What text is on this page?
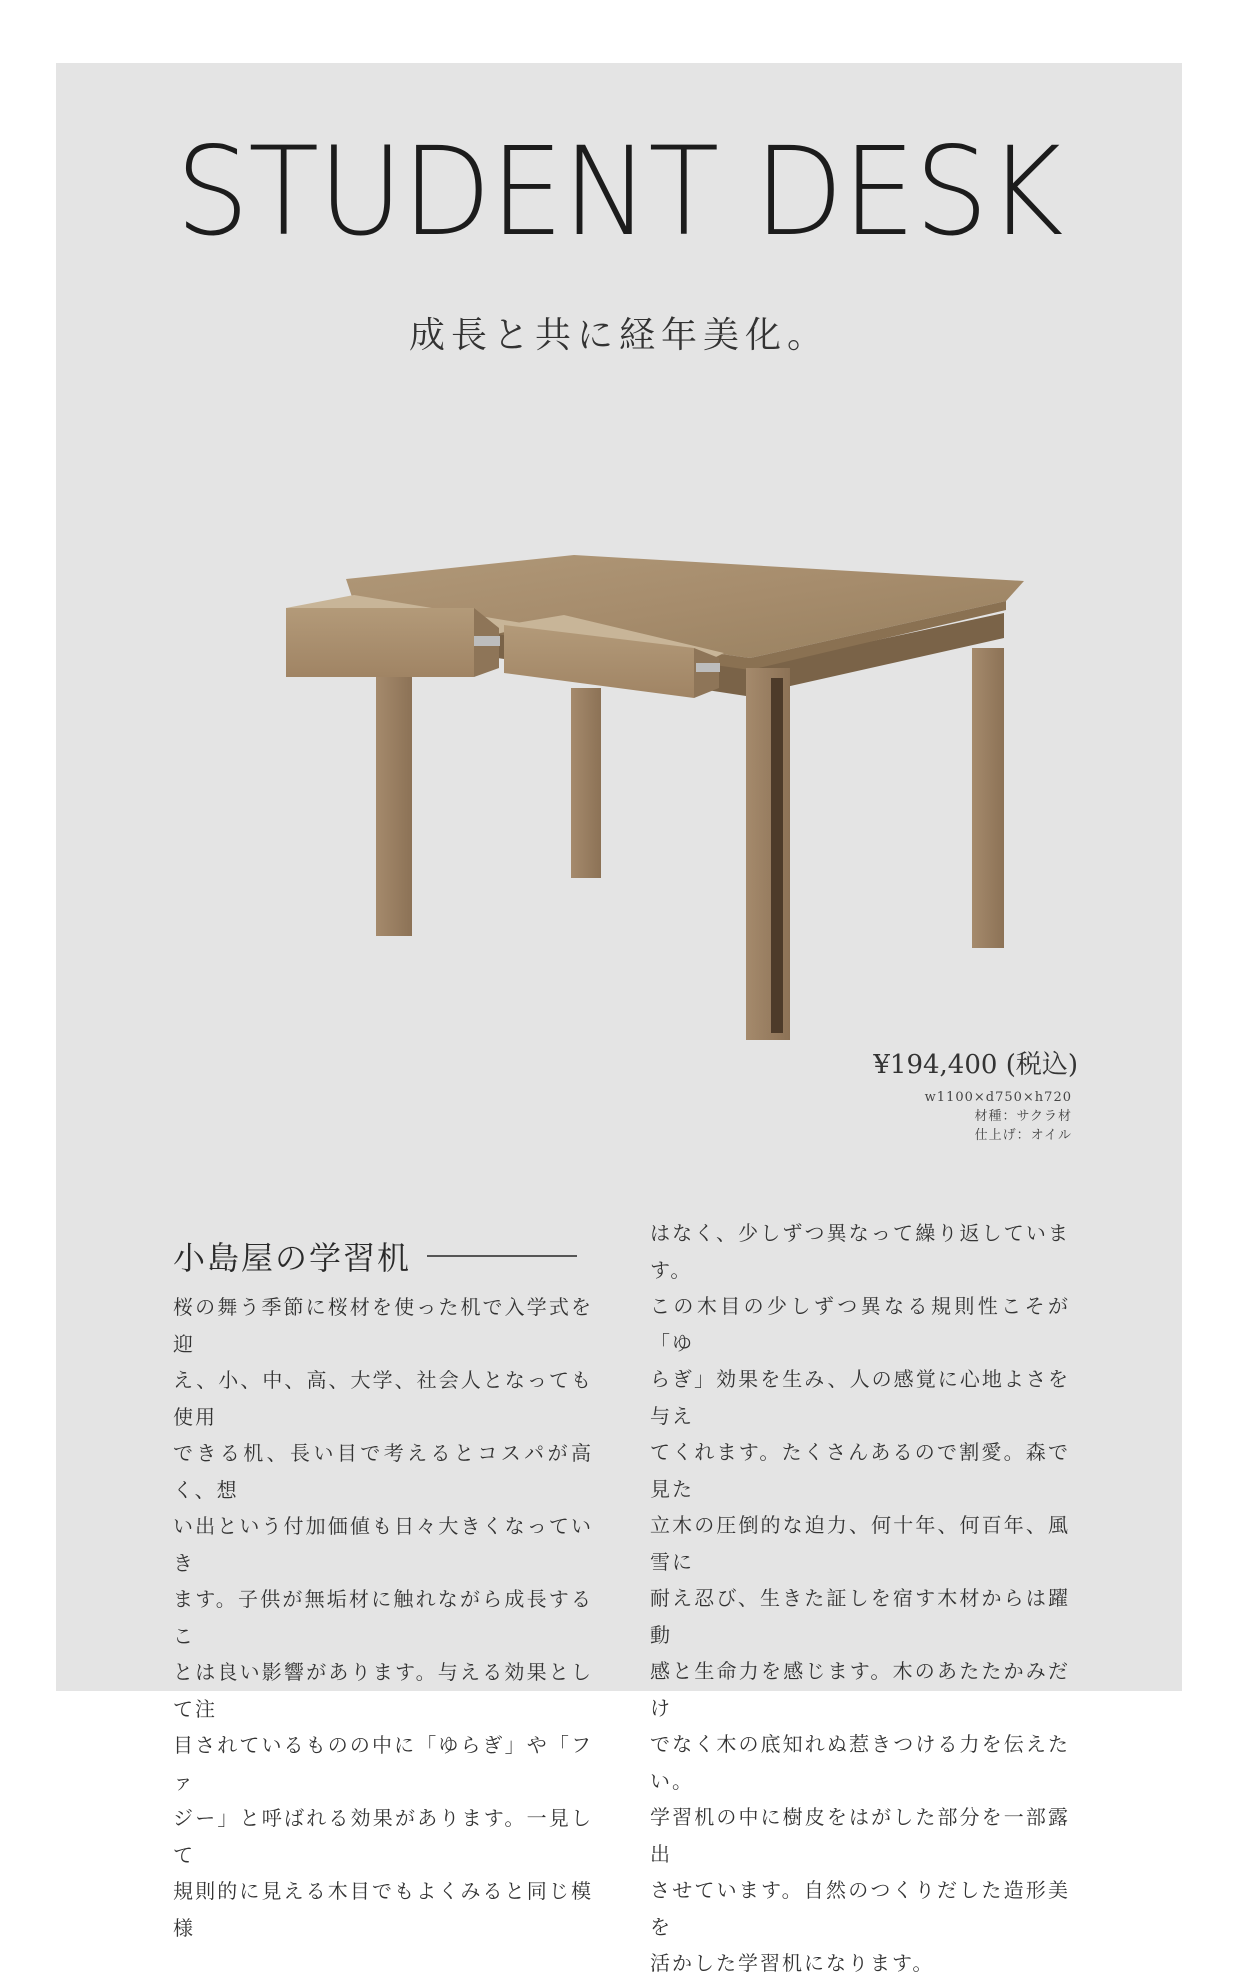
STUDENT DESK
成長と共に経年美化。
¥194,400 (税込)
w1100×d750×h720
材種：サクラ材
仕上げ：オイル
小島屋の学習机
桜の舞う季節に桜材を使った机で入学式を迎
え、小、中、高、大学、社会人となっても使用
できる机、長い目で考えるとコスパが高く、想
い出という付加価値も日々大きくなっていき
ます。子供が無垢材に触れながら成長するこ
とは良い影響があります。与える効果として注
目されているものの中に「ゆらぎ」や「ファ
ジー」と呼ばれる効果があります。一見して
規則的に見える木目でもよくみると同じ模様
はなく、少しずつ異なって繰り返しています。
この木目の少しずつ異なる規則性こそが「ゆ
らぎ」効果を生み、人の感覚に心地よさを与え
てくれます。たくさんあるので割愛。森で見た
立木の圧倒的な迫力、何十年、何百年、風雪に
耐え忍び、生きた証しを宿す木材からは躍動
感と生命力を感じます。木のあたたかみだけ
でなく木の底知れぬ惹きつける力を伝えたい。
学習机の中に樹皮をはがした部分を一部露出
させています。自然のつくりだした造形美を
活かした学習机になります。
